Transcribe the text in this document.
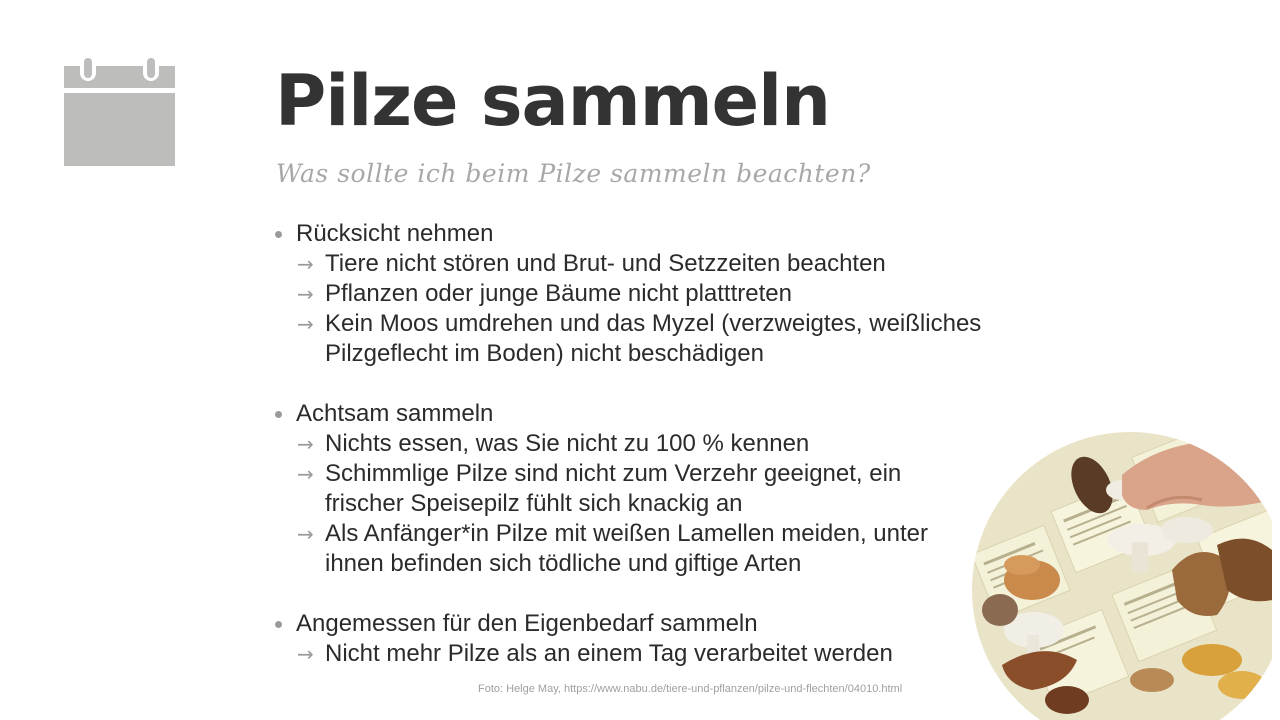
Pilze sammeln

Was sollte ich beim Pilze sammeln beachten?

Rücksicht nehmen
→ Tiere nicht stören und Brut- und Setzzeiten beachten
→ Pflanzen oder junge Bäume nicht platttreten
→ Kein Moos umdrehen und das Myzel (verzweigtes, weißliches
Pilzgeflecht im Boden) nicht beschädigen
Achtsam sammeln
→ Nichts essen, was Sie nicht zu 100 % kennen
→ Schimmlige Pilze sind nicht zum Verzehr geeignet, ein
frischer Speisepilz fühlt sich knackig an
→ Als Anfänger*in Pilze mit weißen Lamellen meiden, unter
ihnen befinden sich tödliche und giftige Arten
Angemessen für den Eigenbedarf sammeln
→ Nicht mehr Pilze als an einem Tag verarbeitet werden
Foto: Helge May, https://www.nabu.de/tiere-und-pflanzen/pilze-und-flechten/04010.html
